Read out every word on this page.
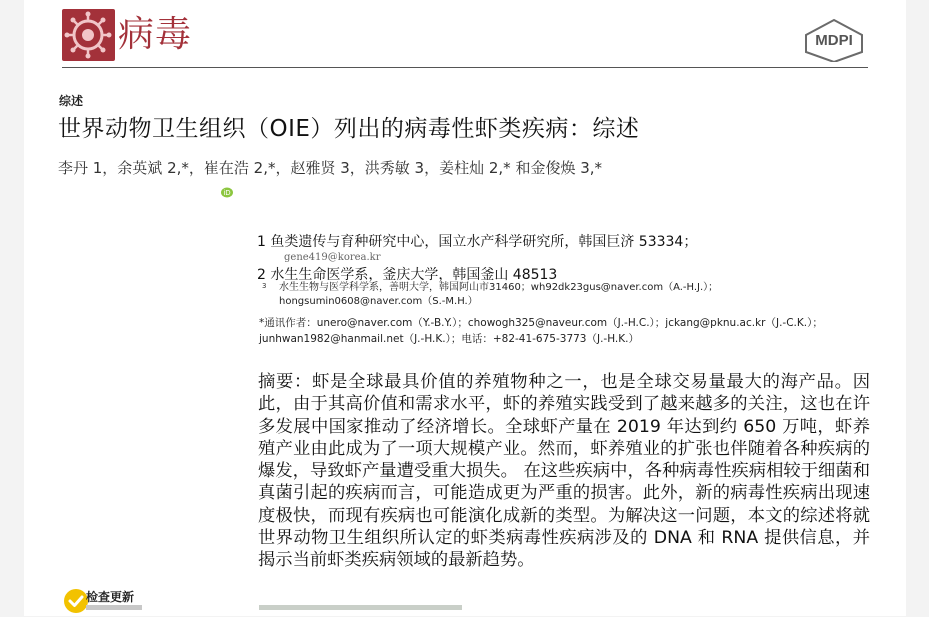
病毒	MDPI
综述
世界动物卫生组织（OIE）列出的病毒性虾类疾病：综述
李丹 1，余英斌 2,*，崔在浩 2,*，赵雅贤 3，洪秀敏 3，姜柱灿 2,* 和金俊焕 3,*
iD
1 鱼类遗传与育种研究中心，国立水产科学研究所，韩国巨济 53334；
gene419@korea.kr
2 水生生命医学系，釜庆大学，韩国釜山 48513
3 水生生物与医学科学系，善明大学，韩国阿山市31460；wh92dk23gus@naver.com（A.-H.J.）；
hongsumin0608@naver.com（S.-M.H.）
*通讯作者：unero@naver.com（Y.-B.Y.）；chowogh325@naveur.com（J.-H.C.）；jckang@pknu.ac.kr（J.-C.K.）；
junhwan1982@hanmail.net（J.-H.K.）；电话：+82-41-675-3773（J.-H.K.）
摘要：虾是全球最具价值的养殖物种之一，也是全球交易量最大的海产品。因此，由于其高价值和需求水平，虾的养殖实践受到了越来越多的关注，这也在许多发展中国家推动了经济增长。全球虾产量在 2019 年达到约 650 万吨，虾养殖产业由此成为了一项大规模产业。然而，虾养殖业的扩张也伴随着各种疾病的爆发，导致虾产量遭受重大损失。 在这些疾病中，各种病毒性疾病相较于细菌和真菌引起的疾病而言，可能造成更为严重的损害。此外，新的病毒性疾病出现速度极快，而现有疾病也可能演化成新的类型。为解决这一问题，本文的综述将就世界动物卫生组织所认定的虾类病毒性疾病涉及的 DNA 和 RNA 提供信息，并揭示当前虾类疾病领域的最新趋势。
检查更新
